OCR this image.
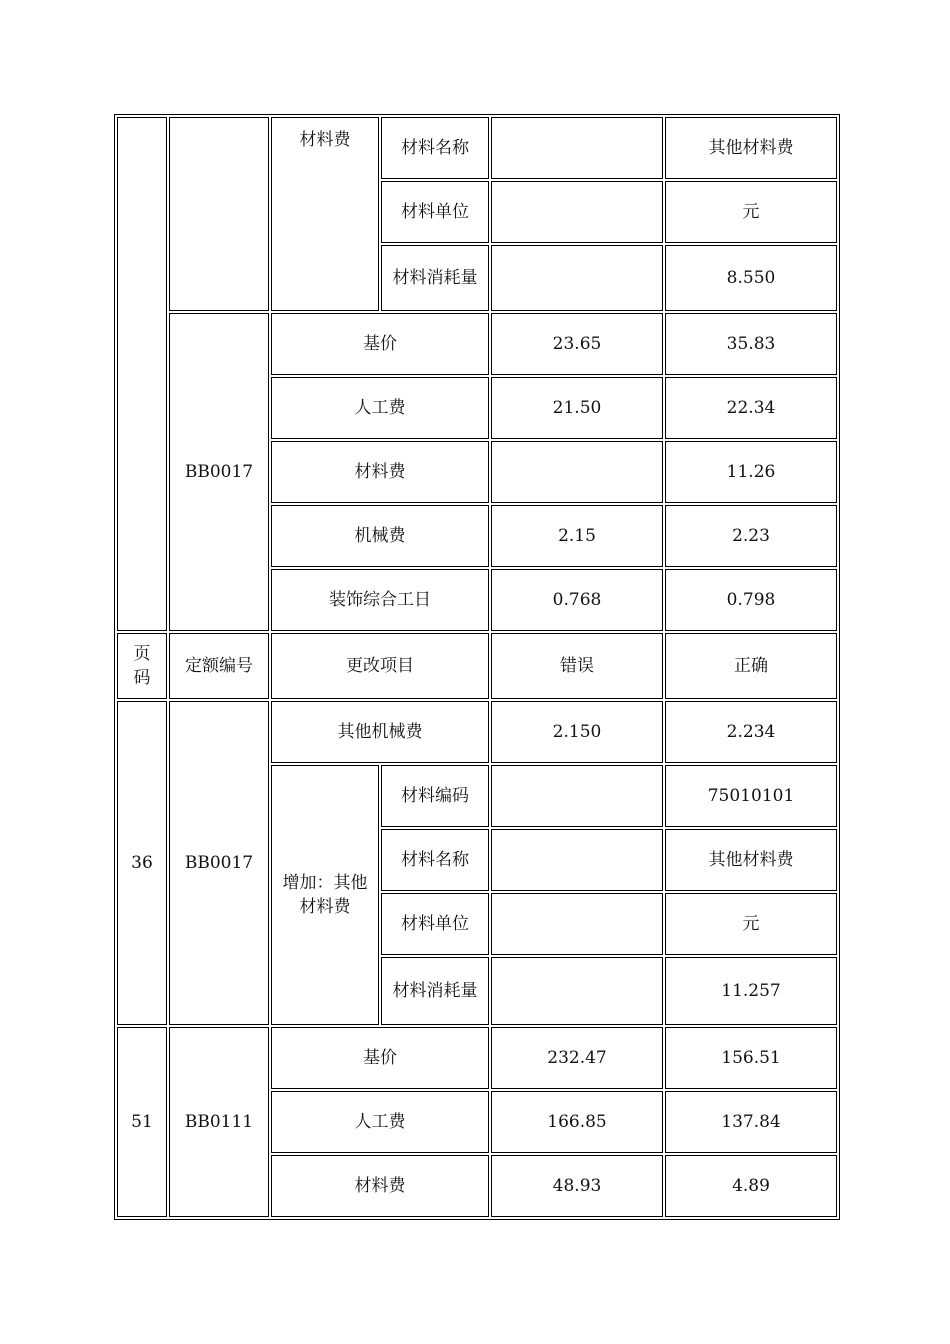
		材料费	材料名称		其他材料费
			材料单位		元
			材料消耗量		8.550
	BB0017	基价		23.65	35.83
		人工费		21.50	22.34
		材料费			11.26
		机械费		2.15	2.23
		装饰综合工日		0.768	0.798
页码	定额编号	更改项目		错误	正确
36	BB0017	其他机械费		2.150	2.234
		增加：其他材料费	材料编码		75010101
			材料名称		其他材料费
			材料单位		元
			材料消耗量		11.257
51	BB0111	基价		232.47	156.51
		人工费		166.85	137.84
		材料费		48.93	4.89
